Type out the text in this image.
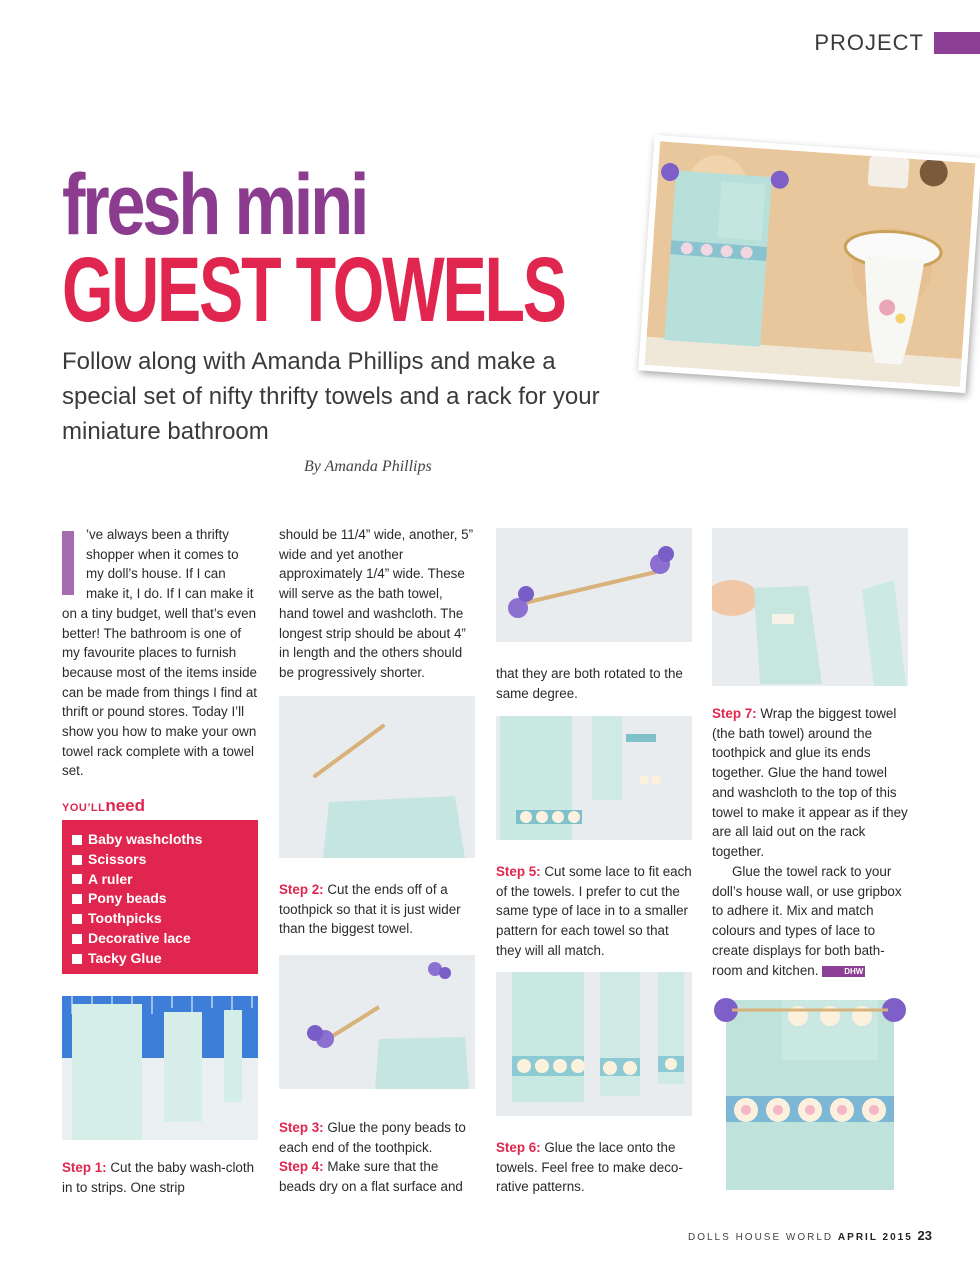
PROJECT
fresh mini
GUEST TOWELS
Follow along with Amanda Phillips and make a special set of nifty thrifty towels and a rack for your miniature bathroom
By Amanda Phillips

’ve always been a thrifty shopper when it comes to my doll’s house. If I can make it, I do. If I can make it on a tiny budget, well that’s even better! The bathroom is one of my favourite places to furnish because most of the items inside can be made from things I find at thrift or pound stores. Today I’ll show you how to make your own towel rack complete with a towel set.

YOU’LLneed
Baby washcloths
Scissors
A ruler
Pony beads
Toothpicks
Decorative lace
Tacky Glue

Step 1: Cut the baby wash-cloth in to strips. One strip

should be 11/4” wide, another, 5” wide and yet another approximately 1/4” wide. These will serve as the bath towel, hand towel and washcloth. The longest strip should be about 4” in length and the others should be progressively shorter.

Step 2: Cut the ends off of a toothpick so that it is just wider than the biggest towel.

Step 3: Glue the pony beads to each end of the toothpick.
Step 4: Make sure that the beads dry on a flat surface and

that they are both rotated to the same degree.

Step 5: Cut some lace to fit each of the towels. I prefer to cut the same type of lace in to a smaller pattern for each towel so that they will all match.

Step 6: Glue the lace onto the towels. Feel free to make deco-rative patterns.

Step 7: Wrap the biggest towel (the bath towel) around the toothpick and glue its ends together. Glue the hand towel and washcloth to the top of this towel to make it appear as if they are all laid out on the rack together.

Glue the towel rack to your doll’s house wall, or use gripbox to adhere it. Mix and match colours and types of lace to create displays for both bath-room and kitchen.	DHW

DOLLS HOUSE WORLD APRIL 2015 23
